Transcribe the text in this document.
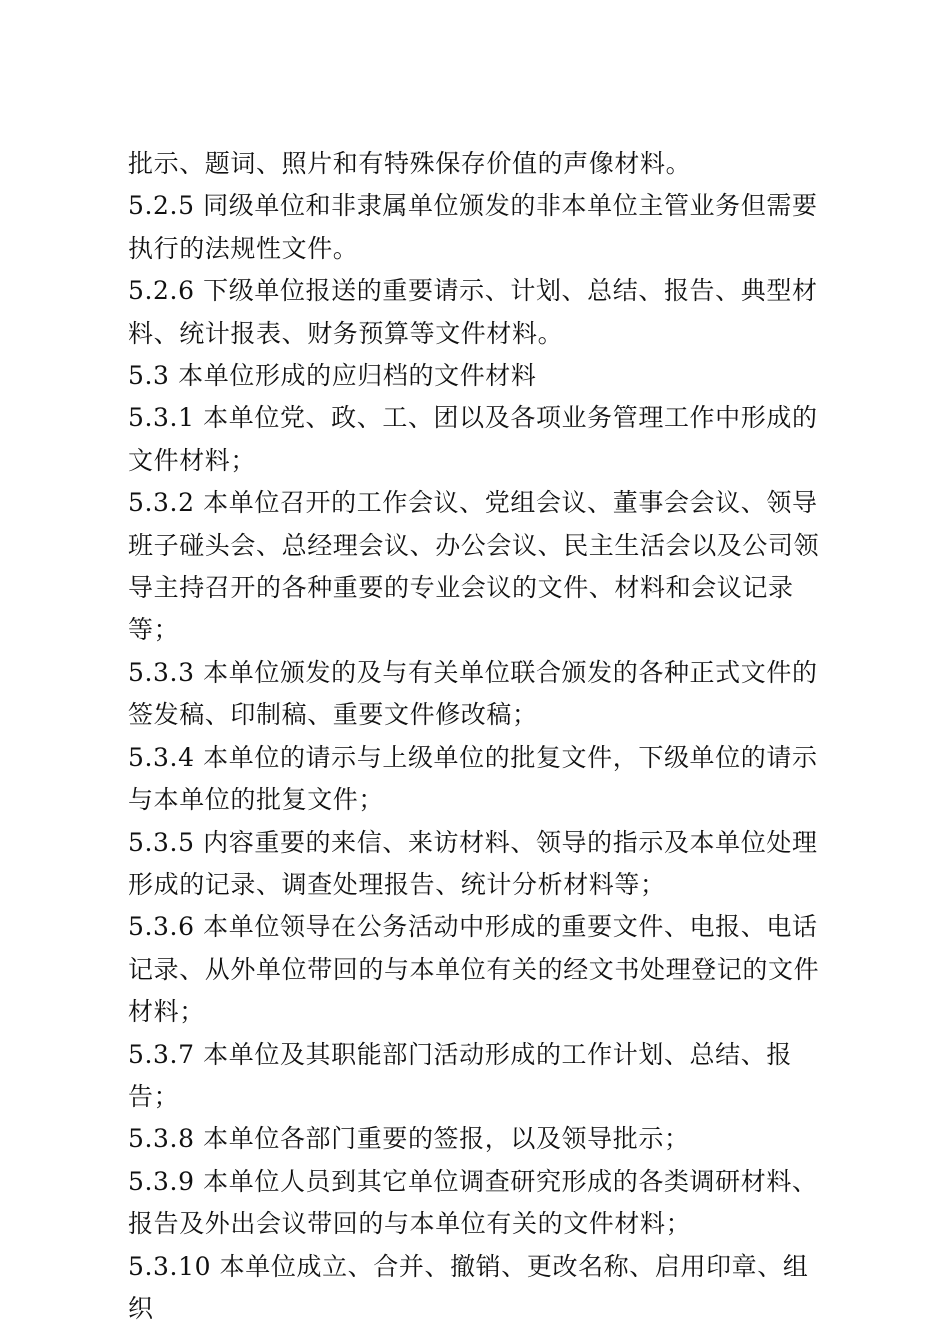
批示、题词、照片和有特殊保存价值的声像材料。

5.2.5 同级单位和非隶属单位颁发的非本单位主管业务但需要执行的法规性文件。

5.2.6 下级单位报送的重要请示、计划、总结、报告、典型材料、统计报表、财务预算等文件材料。

5.3 本单位形成的应归档的文件材料

5.3.1 本单位党、政、工、团以及各项业务管理工作中形成的文件材料；

5.3.2 本单位召开的工作会议、党组会议、董事会会议、领导班子碰头会、总经理会议、办公会议、民主生活会以及公司领导主持召开的各种重要的专业会议的文件、材料和会议记录等；

5.3.3 本单位颁发的及与有关单位联合颁发的各种正式文件的签发稿、印制稿、重要文件修改稿；

5.3.4 本单位的请示与上级单位的批复文件，下级单位的请示与本单位的批复文件；

5.3.5 内容重要的来信、来访材料、领导的指示及本单位处理形成的记录、调查处理报告、统计分析材料等；

5.3.6 本单位领导在公务活动中形成的重要文件、电报、电话记录、从外单位带回的与本单位有关的经文书处理登记的文件材料；

5.3.7 本单位及其职能部门活动形成的工作计划、总结、报告；

5.3.8 本单位各部门重要的签报，以及领导批示；

5.3.9 本单位人员到其它单位调查研究形成的各类调研材料、报告及外出会议带回的与本单位有关的文件材料；

5.3.10 本单位成立、合并、撤销、更改名称、启用印章、组织
